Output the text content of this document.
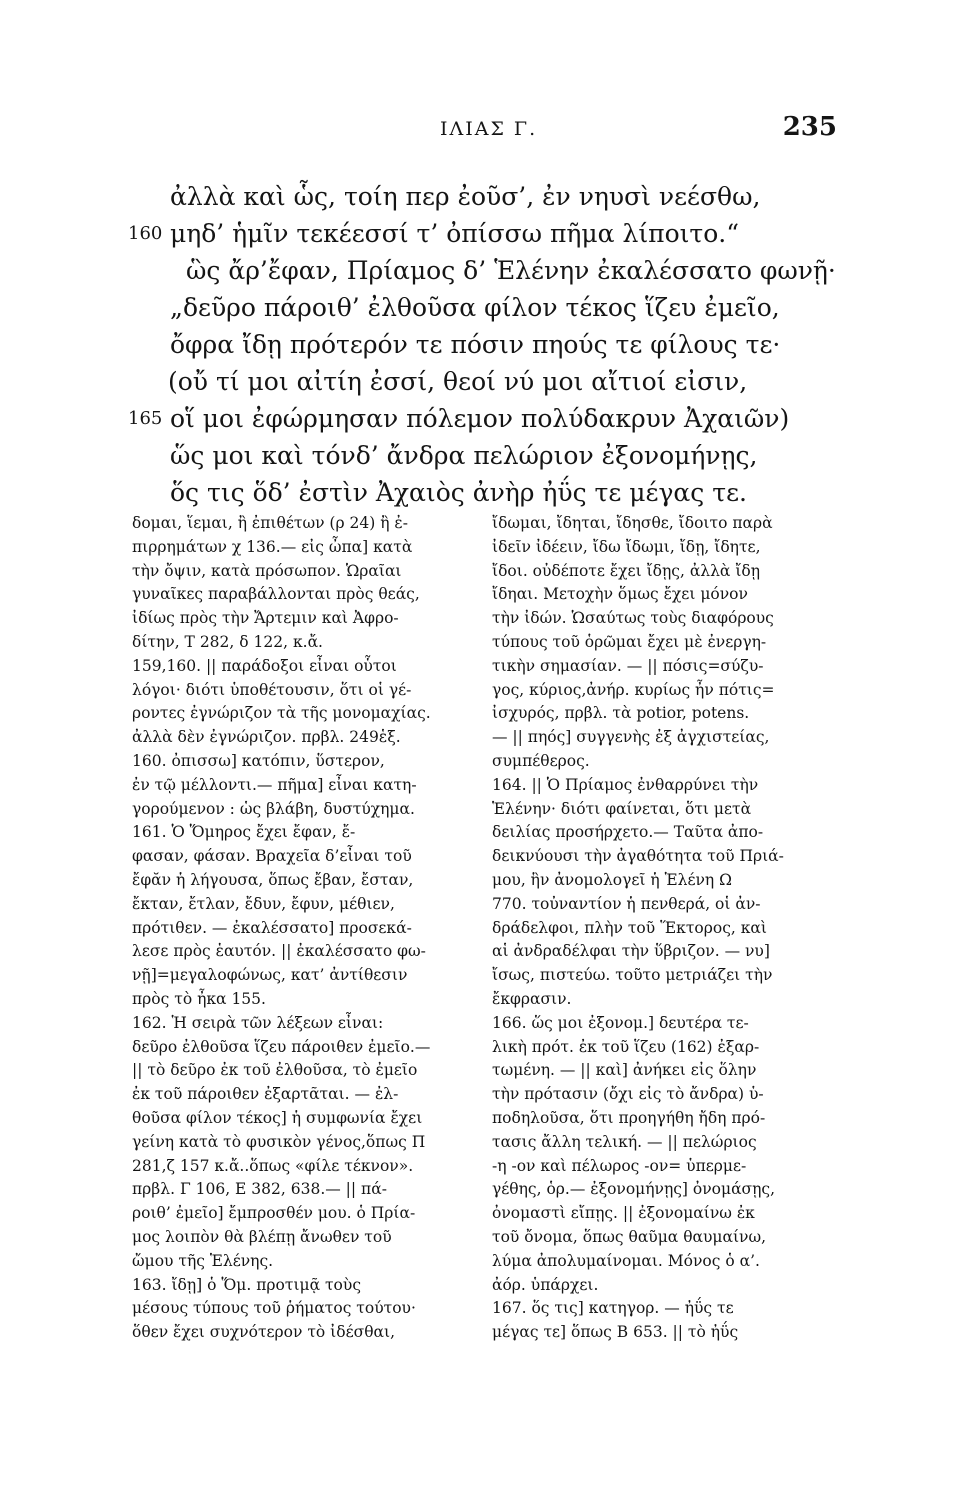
ΙΛΙΑΣ Γ.	235
ἀλλὰ καὶ ὧς, τοίη περ ἐοῦσ’, ἐν νηυσὶ νεέσθω,
160 μηδ’ ἡμῖν τεκέεσσί τ’ ὀπίσσω πῆμα λίποιτο.“
ὣς ἄρ’ἔφαν, Πρίαμος δ’ Ἑλένην ἐκαλέσσατο φωνῇ·
„δεῦρο πάροιθ’ ἐλθοῦσα φίλον τέκος ἵζευ ἐμεῖο,
ὄφρα ἴδῃ πρότερόν τε πόσιν πηούς τε φίλους τε·
(οὔ τί μοι αἰτίη ἐσσί, θεοί νύ μοι αἴτιοί εἰσιν,
165 οἵ μοι ἐφώρμησαν πόλεμον πολύδακρυν Ἀχαιῶν)
ὥς μοι καὶ τόνδ’ ἄνδρα πελώριον ἐξονομήνῃς,
ὅς τις ὅδ’ ἐστὶν Ἀχαιὸς ἀνὴρ ἠΰς τε μέγας τε.
δομαι, ἵεμαι, ἢ ἐπιθέτων (ρ 24) ἢ ἐ-
πιρρημάτων χ 136.— εἰς ὦπα] κατὰ
τὴν ὄψιν, κατὰ πρόσωπον. Ὡραῖαι
γυναῖκες παραβάλλονται πρὸς θεάς,
ἰδίως πρὸς τὴν Ἄρτεμιν καὶ Ἀφρο-
δίτην, Τ 282, δ 122, κ.ἄ.
159,160. || παράδοξοι εἶναι οὗτοι
λόγοι· διότι ὑποθέτουσιν, ὅτι οἱ γέ-
ροντες ἐγνώριζον τὰ τῆς μονομαχίας.
ἀλλὰ δὲν ἐγνώριζον. πρβλ. 249ἑξ.
160. ὀπισσω] κατόπιν, ὕστερον,
ἐν τῷ μέλλοντι.— πῆμα] εἶναι κατη-
γορούμενον : ὡς βλάβη, δυστύχημα.
161. Ὁ Ὅμηρος ἔχει ἔφαν, ἔ-
φασαν, φάσαν. Βραχεῖα δ’εἶναι τοῦ
ἔφᾰν ἡ λήγουσα, ὅπως ἔβαν, ἔσταν,
ἔκταν, ἔτλαν, ἔδυν, ἔφυν, μέθιεν,
πρότιθεν. — ἐκαλέσσατο] προσεκά-
λεσε πρὸς ἑαυτόν. || ἐκαλέσσατο φω-
νῇ]=μεγαλοφώνως, κατ’ ἀντίθεσιν
πρὸς τὸ ἦκα 155.
162. Ἡ σειρὰ τῶν λέξεων εἶναι:
δεῦρο ἐλθοῦσα ἵζευ πάροιθεν ἐμεῖο.—
|| τὸ δεῦρο ἐκ τοῦ ἐλθοῦσα, τὸ ἐμεῖο
ἐκ τοῦ πάροιθεν ἐξαρτᾶται. — ἐλ-
θοῦσα φίλον τέκος] ἡ συμφωνία ἔχει
γείνη κατὰ τὸ φυσικὸν γένος,ὅπως Π
281,ζ 157 κ.ἄ..ὅπως «φίλε τέκνον».
πρβλ. Γ 106, Ε 382, 638.— || πά-
ροιθ’ ἐμεῖο] ἔμπροσθέν μου. ὁ Πρία-
μος λοιπὸν θὰ βλέπῃ ἄνωθεν τοῦ
ὤμου τῆς Ἑλένης.
163. ἴδῃ] ὁ Ὅμ. προτιμᾷ τοὺς
μέσους τύπους τοῦ ῥήματος τούτου·
ὅθεν ἔχει συχνότερον τὸ ἰδέσθαι,
ἴδωμαι, ἴδηται, ἴδησθε, ἴδοιτο παρὰ
ἰδεῖν ἰδέειν, ἴδω ἴδωμι, ἴδῃ, ἴδητε,
ἴδοι. οὐδέποτε ἔχει ἴδῃς, ἀλλὰ ἴδῃ
ἴδηαι. Μετοχὴν ὅμως ἔχει μόνον
τὴν ἰδών. Ὡσαύτως τοὺς διαφόρους
τύπους τοῦ ὁρῶμαι ἔχει μὲ ἐνεργη-
τικὴν σημασίαν. — || πόσις=σύζυ-
γος, κύριος,ἀνήρ. κυρίως ἦν πότις=
ἰσχυρός, πρβλ. τὰ potior, potens.
— || πηός] συγγενὴς ἐξ ἀγχιστείας,
συμπέθερος.
164. || Ὁ Πρίαμος ἐνθαρρύνει τὴν
Ἑλένην· διότι φαίνεται, ὅτι μετὰ
δειλίας προσήρχετο.— Ταῦτα ἀπο-
δεικνύουσι τὴν ἀγαθότητα τοῦ Πριά-
μου, ἣν ἀνομολογεῖ ἡ Ἑλένη Ω
770. τοὐναντίον ἡ πενθερά, οἱ ἀν-
δράδελφοι, πλὴν τοῦ Ἕκτορος, καὶ
αἱ ἀνδραδέλφαι τὴν ὕβριζον. — νυ]
ἴσως, πιστεύω. τοῦτο μετριάζει τὴν
ἔκφρασιν.
166. ὥς μοι ἐξονομ.] δευτέρα τε-
λικὴ πρότ. ἐκ τοῦ ἵζευ (162) ἐξαρ-
τωμένη. — || καὶ] ἀνήκει εἰς ὅλην
τὴν πρότασιν (ὄχι εἰς τὸ ἄνδρα) ὑ-
ποδηλοῦσα, ὅτι προηγήθη ἤδη πρό-
τασις ἄλλη τελική. — || πελώριος
-η -ον καὶ πέλωρος -ον= ὑπερμε-
γέθης, ὁρ.— ἐξονομήνῃς] ὀνομάσῃς,
ὀνομαστὶ εἴπῃς. || ἐξονομαίνω ἐκ
τοῦ ὄνομα, ὅπως θαῦμα θαυμαίνω,
λύμα ἀπολυμαίνομαι. Μόνος ὁ α’.
ἀόρ. ὑπάρχει.
167. ὅς τις] κατηγορ. — ἠΰς τε
μέγας τε] ὅπως Β 653. || τὸ ἠΰς
